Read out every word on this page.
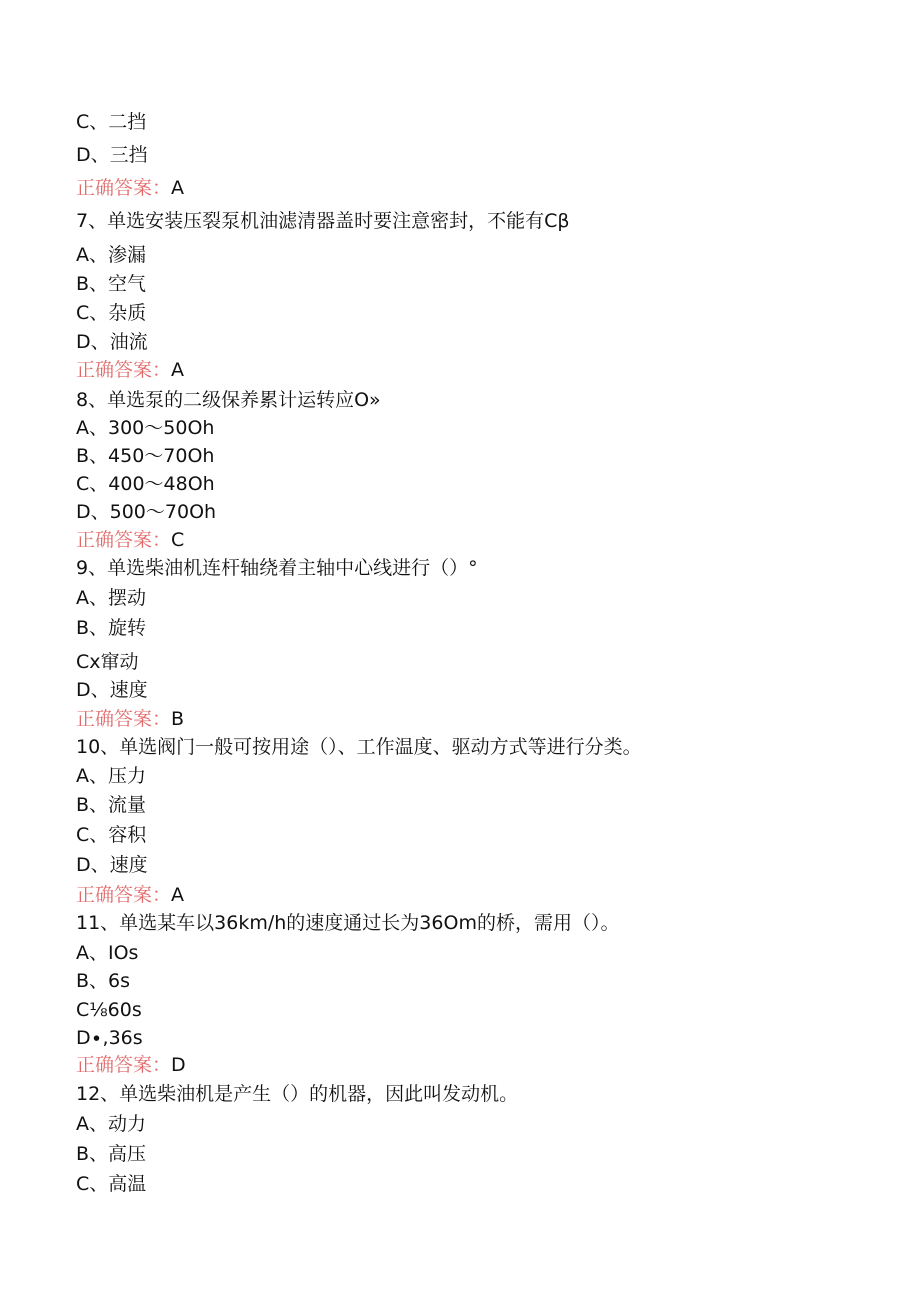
C、二挡
D、三挡
正确答案：A
7、单选安装压裂泵机油滤清器盖时要注意密封，不能有Cβ
A、渗漏
B、空气
C、杂质
D、油流
正确答案：A
8、单选泵的二级保养累计运转应O»
A、300～50Oh
B、450～70Oh
C、400～48Oh
D、500～70Oh
正确答案：C
9、单选柴油机连杆轴绕着主轴中心线进行（）°
A、摆动
B、旋转
Cx窜动
D、速度
正确答案：B
10、单选阀门一般可按用途（）、工作温度、驱动方式等进行分类。
A、压力
B、流量
C、容积
D、速度
正确答案：A
11、单选某车以36km∕h的速度通过长为36Om的桥，需用（）。
A、IOs
B、6s
C⅛60s
D∙,36s
正确答案：D
12、单选柴油机是产生（）的机器，因此叫发动机。
A、动力
B、高压
C、高温
